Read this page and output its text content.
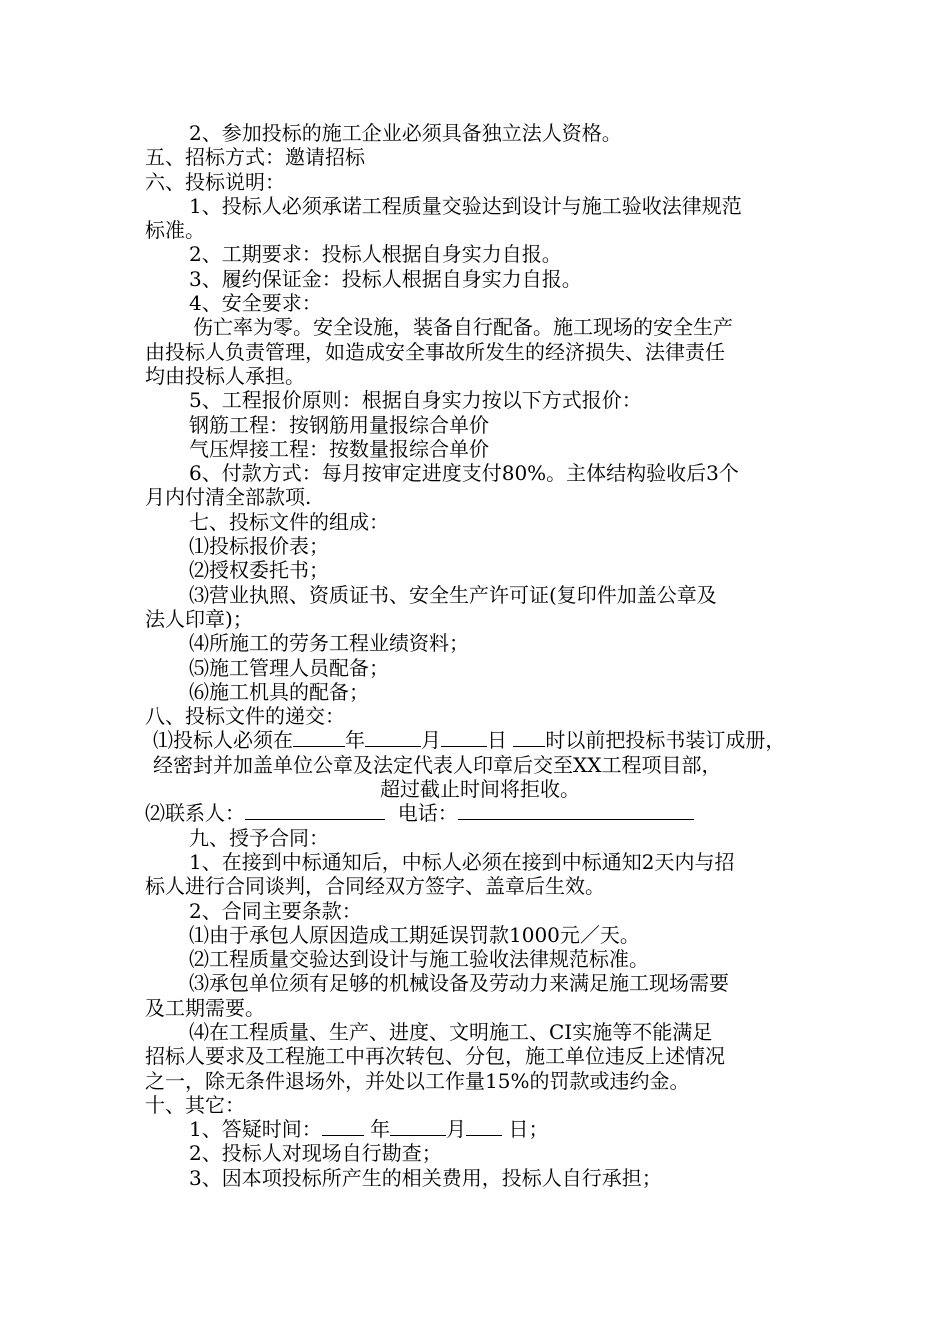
2、参加投标的施工企业必须具备独立法人资格。
五、招标方式：邀请招标
六、投标说明：
1、投标人必须承诺工程质量交验达到设计与施工验收法律规范
标准。
2、工期要求：投标人根据自身实力自报。
3、履约保证金：投标人根据自身实力自报。
4、安全要求：
伤亡率为零。安全设施，装备自行配备。施工现场的安全生产
由投标人负责管理，如造成安全事故所发生的经济损失、法律责任
均由投标人承担。
5、工程报价原则：根据自身实力按以下方式报价：
钢筋工程：按钢筋用量报综合单价
气压焊接工程：按数量报综合单价
6、付款方式：每月按审定进度支付80%。主体结构验收后3个
月内付清全部款项.
七、投标文件的组成：
⑴投标报价表；
⑵授权委托书；
⑶营业执照、资质证书、安全生产许可证(复印件加盖公章及
法人印章)；
⑷所施工的劳务工程业绩资料；
⑸施工管理人员配备；
⑹施工机具的配备；
八、投标文件的递交：
⑴投标人必须在	年	月 日 时以前把投标书装订成册，
经密封并加盖单位公章及法定代表人印章后交至XX工程项目部，
超过截止时间将拒收。
⑵联系人：	电话：
九、授予合同：
1、在接到中标通知后，中标人必须在接到中标通知2天内与招
标人进行合同谈判，合同经双方签字、盖章后生效。
2、合同主要条款：
⑴由于承包人原因造成工期延误罚款1000元／天。
⑵工程质量交验达到设计与施工验收法律规范标准。
⑶承包单位须有足够的机械设备及劳动力来满足施工现场需要
及工期需要。
⑷在工程质量、生产、进度、文明施工、CI实施等不能满足
招标人要求及工程施工中再次转包、分包，施工单位违反上述情况
之一，除无条件退场外，并处以工作量15%的罚款或违约金。
十、其它：
1、答疑时间： 年	月 日；
2、投标人对现场自行勘查；
3、因本项投标所产生的相关费用，投标人自行承担；
